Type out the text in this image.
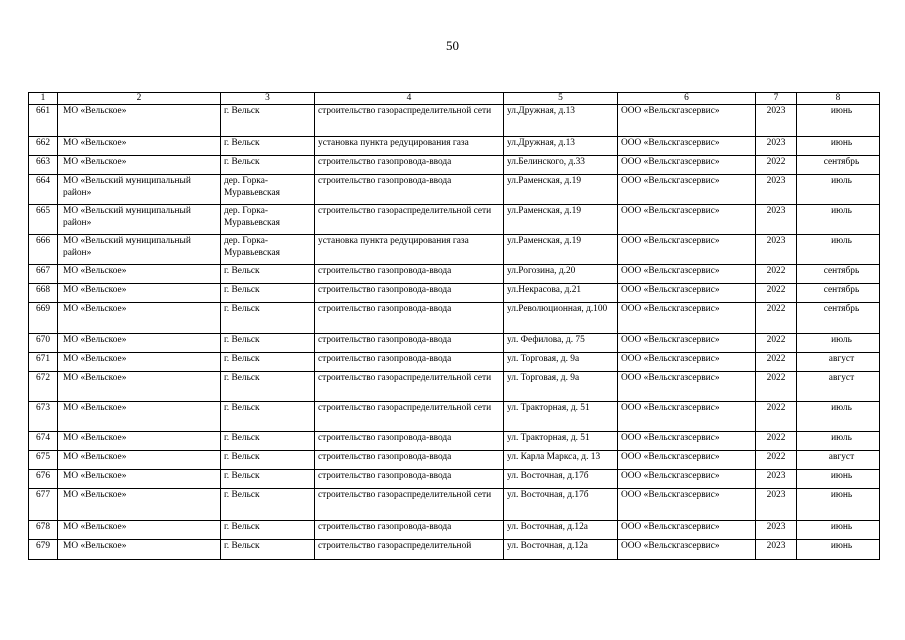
50
1	2	3	4	5	6	7	8
661	МО «Вельское»	г. Вельск	строительство газораспределительной сети	ул.Дружная, д.13	ООО «Вельскгазсервис»	2023	июнь
662	МО «Вельское»	г. Вельск	установка пункта редуцирования газа	ул.Дружная, д.13	ООО «Вельскгазсервис»	2023	июнь
663	МО «Вельское»	г. Вельск	строительство газопровода-ввода	ул.Белинского, д.33	ООО «Вельскгазсервис»	2022	сентябрь
664	МО «Вельский муниципальный район»	дер. Горка-Муравьевская	строительство газопровода-ввода	ул.Раменская, д.19	ООО «Вельскгазсервис»	2023	июль
665	МО «Вельский муниципальный район»	дер. Горка-Муравьевская	строительство газораспределительной сети	ул.Раменская, д.19	ООО «Вельскгазсервис»	2023	июль
666	МО «Вельский муниципальный район»	дер. Горка-Муравьевская	установка пункта редуцирования газа	ул.Раменская, д.19	ООО «Вельскгазсервис»	2023	июль
667	МО «Вельское»	г. Вельск	строительство газопровода-ввода	ул.Рогозина, д.20	ООО «Вельскгазсервис»	2022	сентябрь
668	МО «Вельское»	г. Вельск	строительство газопровода-ввода	ул.Некрасова, д.21	ООО «Вельскгазсервис»	2022	сентябрь
669	МО «Вельское»	г. Вельск	строительство газопровода-ввода	ул.Революционная, д.100	ООО «Вельскгазсервис»	2022	сентябрь
670	МО «Вельское»	г. Вельск	строительство газопровода-ввода	ул. Фефилова, д. 75	ООО «Вельскгазсервис»	2022	июль
671	МО «Вельское»	г. Вельск	строительство газопровода-ввода	ул. Торговая, д. 9а	ООО «Вельскгазсервис»	2022	август
672	МО «Вельское»	г. Вельск	строительство газораспределительной сети	ул. Торговая, д. 9а	ООО «Вельскгазсервис»	2022	август
673	МО «Вельское»	г. Вельск	строительство газораспределительной сети	ул. Тракторная, д. 51	ООО «Вельскгазсервис»	2022	июль
674	МО «Вельское»	г. Вельск	строительство газопровода-ввода	ул. Тракторная, д. 51	ООО «Вельскгазсервис»	2022	июль
675	МО «Вельское»	г. Вельск	строительство газопровода-ввода	ул. Карла Маркса, д. 13	ООО «Вельскгазсервис»	2022	август
676	МО «Вельское»	г. Вельск	строительство газопровода-ввода	ул. Восточная, д.17б	ООО «Вельскгазсервис»	2023	июнь
677	МО «Вельское»	г. Вельск	строительство газораспределительной сети	ул. Восточная, д.17б	ООО «Вельскгазсервис»	2023	июнь
678	МО «Вельское»	г. Вельск	строительство газопровода-ввода	ул. Восточная, д.12а	ООО «Вельскгазсервис»	2023	июнь
679	МО «Вельское»	г. Вельск	строительство газораспределительной	ул. Восточная, д.12а	ООО «Вельскгазсервис»	2023	июнь
